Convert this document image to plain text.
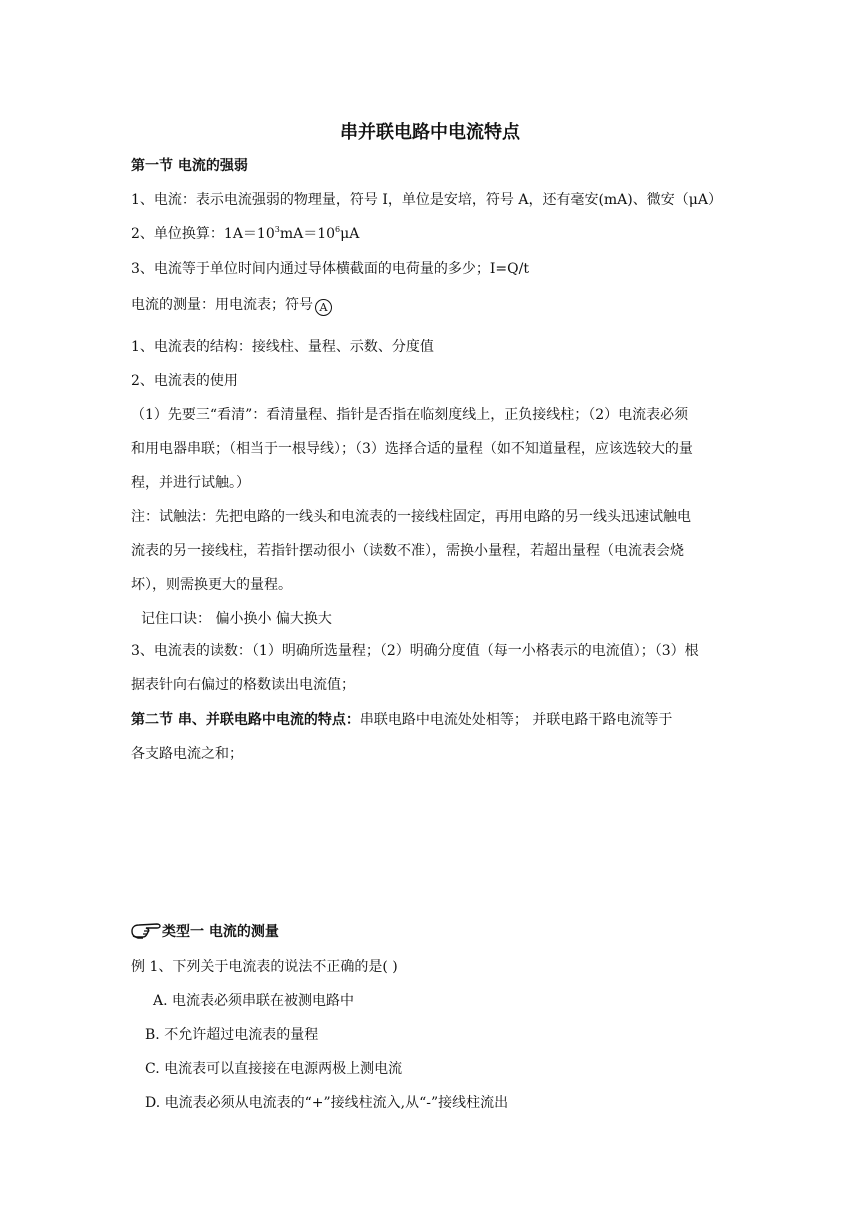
串并联电路中电流特点
第一节 电流的强弱
1、电流：表示电流强弱的物理量，符号 I，单位是安培，符号 A，还有毫安(mA)、微安（μA）
2、单位换算：$1A=10^3mA=10^6\mu A$
3、电流等于单位时间内通过导体横截面的电荷量的多少；I=Q/t
电流的测量：用电流表；符号 A
1、电流表的结构：接线柱、量程、示数、分度值
2、电流表的使用
（1）先要三“看清”：看清量程、指针是否指在临刻度线上，正负接线柱；（2）电流表必须
和用电器串联；（相当于一根导线）；（3）选择合适的量程（如不知道量程，应该选较大的量
程，并进行试触。）
注：试触法：先把电路的一线头和电流表的一接线柱固定，再用电路的另一线头迅速试触电
流表的另一接线柱，若指针摆动很小（读数不准），需换小量程，若超出量程（电流表会烧
坏），则需换更大的量程。
记住口诀： 偏小换小 偏大换大
3、电流表的读数：（1）明确所选量程；（2）明确分度值（每一小格表示的电流值）；（3）根
据表针向右偏过的格数读出电流值；
第二节 串、并联电路中电流的特点：串联电路中电流处处相等； 并联电路干路电流等于
各支路电流之和；
类型一 电流的测量
例 1、下列关于电流表的说法不正确的是( )
A. 电流表必须串联在被测电路中
B. 不允许超过电流表的量程
C. 电流表可以直接接在电源两极上测电流
D. 电流表必须从电流表的“+”接线柱流入,从“-”接线柱流出
